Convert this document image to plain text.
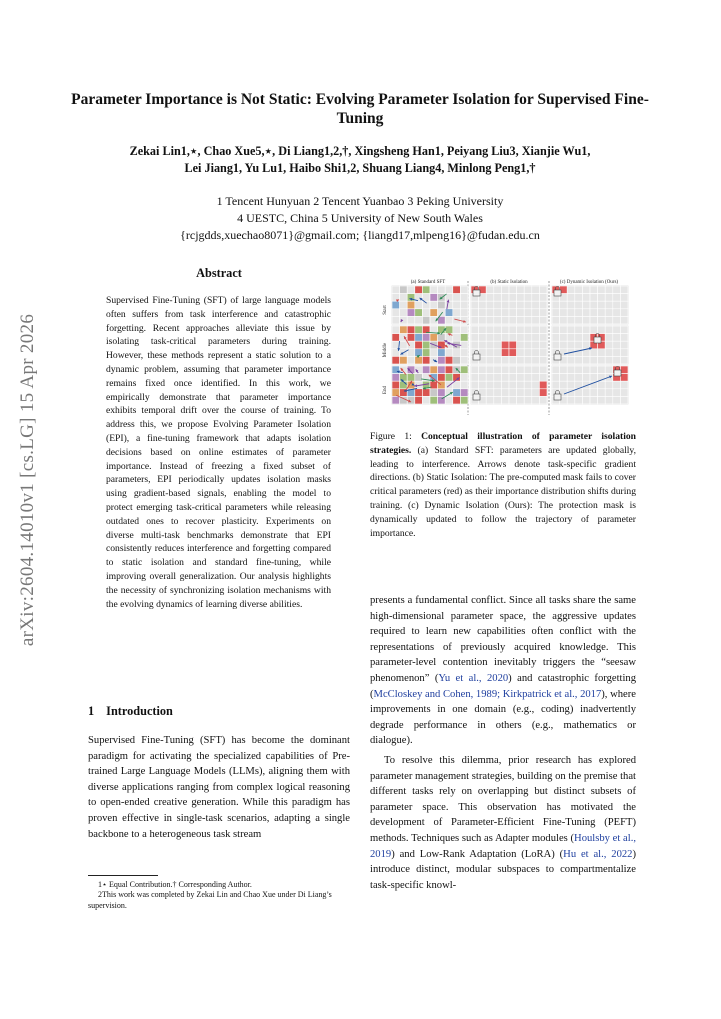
Parameter Importance is Not Static: Evolving Parameter Isolation for Supervised Fine-Tuning
Zekai Lin1,⋆, Chao Xue5,⋆, Di Liang1,2,†, Xingsheng Han1, Peiyang Liu3, Xianjie Wu1,
Lei Jiang1, Yu Lu1, Haibo Shi1,2, Shuang Liang4, Minlong Peng1,†
1 Tencent Hunyuan 2 Tencent Yuanbao 3 Peking University
4 UESTC, China 5 University of New South Wales
{rcjgdds,xuechao8071}@gmail.com; {liangd17,mlpeng16}@fudan.edu.cn
arXiv:2604.14010v1 [cs.LG] 15 Apr 2026
Abstract
Supervised Fine-Tuning (SFT) of large language models often suffers from task interference and catastrophic forgetting. Recent approaches alleviate this issue by isolating task-critical parameters during training. However, these methods represent a static solution to a dynamic problem, assuming that parameter importance remains fixed once identified. In this work, we empirically demonstrate that parameter importance exhibits temporal drift over the course of training. To address this, we propose Evolving Parameter Isolation (EPI), a fine-tuning framework that adapts isolation decisions based on online estimates of parameter importance. Instead of freezing a fixed subset of parameters, EPI periodically updates isolation masks using gradient-based signals, enabling the model to protect emerging task-critical parameters while releasing outdated ones to recover plasticity. Experiments on diverse multi-task benchmarks demonstrate that EPI consistently reduces interference and forgetting compared to static isolation and standard fine-tuning, while improving overall generalization. Our analysis highlights the necessity of synchronizing isolation mechanisms with the evolving dynamics of learning diverse abilities.
1 Introduction
Supervised Fine-Tuning (SFT) has become the dominant paradigm for activating the specialized capabilities of Pre-trained Large Language Models (LLMs), aligning them with diverse applications ranging from complex logical reasoning to open-ended creative generation. While this paradigm has proven effective in single-task scenarios, adapting a single backbone to a heterogeneous task stream

1⋆ Equal Contribution.† Corresponding Author.

2This work was completed by Zekai Lin and Chao Xue under Di Liang’s supervision.

(a) Standard SFT	(b) Static Isolation	(c) Dynamic Isolation (Ours)
Start
Middle
End
Figure 1: Conceptual illustration of parameter isolation strategies. (a) Standard SFT: parameters are updated globally, leading to interference. Arrows denote task-specific gradient directions. (b) Static Isolation: The pre-computed mask fails to cover critical parameters (red) as their importance distribution shifts during training. (c) Dynamic Isolation (Ours): The protection mask is dynamically updated to follow the trajectory of parameter importance.

presents a fundamental conflict. Since all tasks share the same high-dimensional parameter space, the aggressive updates required to learn new capabilities often conflict with the representations of previously acquired knowledge. This parameter-level contention inevitably triggers the “seesaw phenomenon” (Yu et al., 2020) and catastrophic forgetting (McCloskey and Cohen, 1989; Kirkpatrick et al., 2017), where improvements in one domain (e.g., coding) inadvertently degrade performance in others (e.g., mathematics or dialogue).

To resolve this dilemma, prior research has explored parameter management strategies, building on the premise that different tasks rely on overlapping but distinct subsets of parameter space. This observation has motivated the development of Parameter-Efficient Fine-Tuning (PEFT) methods. Techniques such as Adapter modules (Houlsby et al., 2019) and Low-Rank Adaptation (LoRA) (Hu et al., 2022) introduce distinct, modular subspaces to compartmentalize task-specific knowl-
